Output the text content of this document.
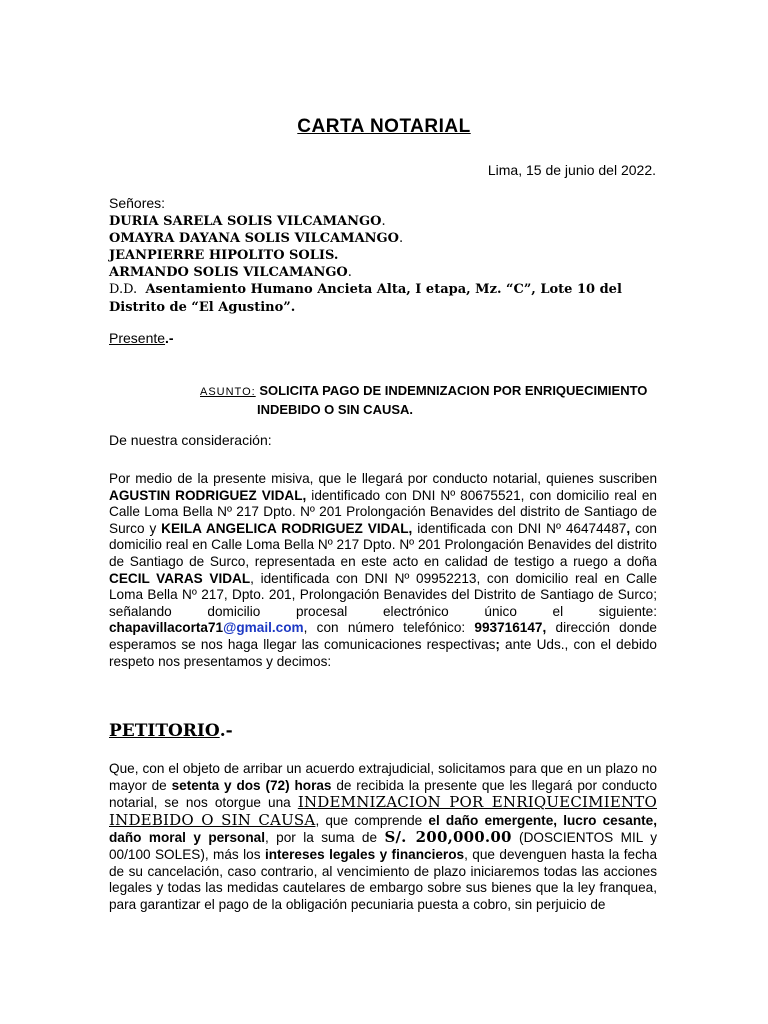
CARTA NOTARIAL
Lima, 15 de junio del 2022.
Señores:
DURIA SARELA SOLIS VILCAMANGO.
OMAYRA DAYANA SOLIS VILCAMANGO.
JEANPIERRE HIPOLITO SOLIS.
ARMANDO SOLIS VILCAMANGO.
D.D. Asentamiento Humano Ancieta Alta, I etapa, Mz. “C”, Lote 10 del Distrito de “El Agustino”.
Presente.-
ASUNTO: SOLICITA PAGO DE INDEMNIZACION POR ENRIQUECIMIENTO
INDEBIDO O SIN CAUSA.
De nuestra consideración:
Por medio de la presente misiva, que le llegará por conducto notarial, quienes suscriben AGUSTIN RODRIGUEZ VIDAL, identificado con DNI Nº 80675521, con domicilio real en Calle Loma Bella Nº 217 Dpto. Nº 201 Prolongación Benavides del distrito de Santiago de Surco y KEILA ANGELICA RODRIGUEZ VIDAL, identificada con DNI Nº 46474487, con domicilio real en Calle Loma Bella Nº 217 Dpto. Nº 201 Prolongación Benavides del distrito de Santiago de Surco, representada en este acto en calidad de testigo a ruego a doña CECIL VARAS VIDAL, identificada con DNI Nº 09952213, con domicilio real en Calle Loma Bella Nº 217, Dpto. 201, Prolongación Benavides del Distrito de Santiago de Surco; señalando domicilio procesal electrónico único el siguiente: chapavillacorta71@gmail.com, con número telefónico: 993716147, dirección donde esperamos se nos haga llegar las comunicaciones respectivas; ante Uds., con el debido respeto nos presentamos y decimos:
PETITORIO.-
Que, con el objeto de arribar un acuerdo extrajudicial, solicitamos para que en un plazo no mayor de setenta y dos (72) horas de recibida la presente que les llegará por conducto notarial, se nos otorgue una INDEMNIZACION POR ENRIQUECIMIENTO INDEBIDO O SIN CAUSA, que comprende el daño emergente, lucro cesante, daño moral y personal, por la suma de S/. 200,000.00 (DOSCIENTOS MIL y 00/100 SOLES), más los intereses legales y financieros, que devenguen hasta la fecha de su cancelación, caso contrario, al vencimiento de plazo iniciaremos todas las acciones legales y todas las medidas cautelares de embargo sobre sus bienes que la ley franquea, para garantizar el pago de la obligación pecuniaria puesta a cobro, sin perjuicio de
